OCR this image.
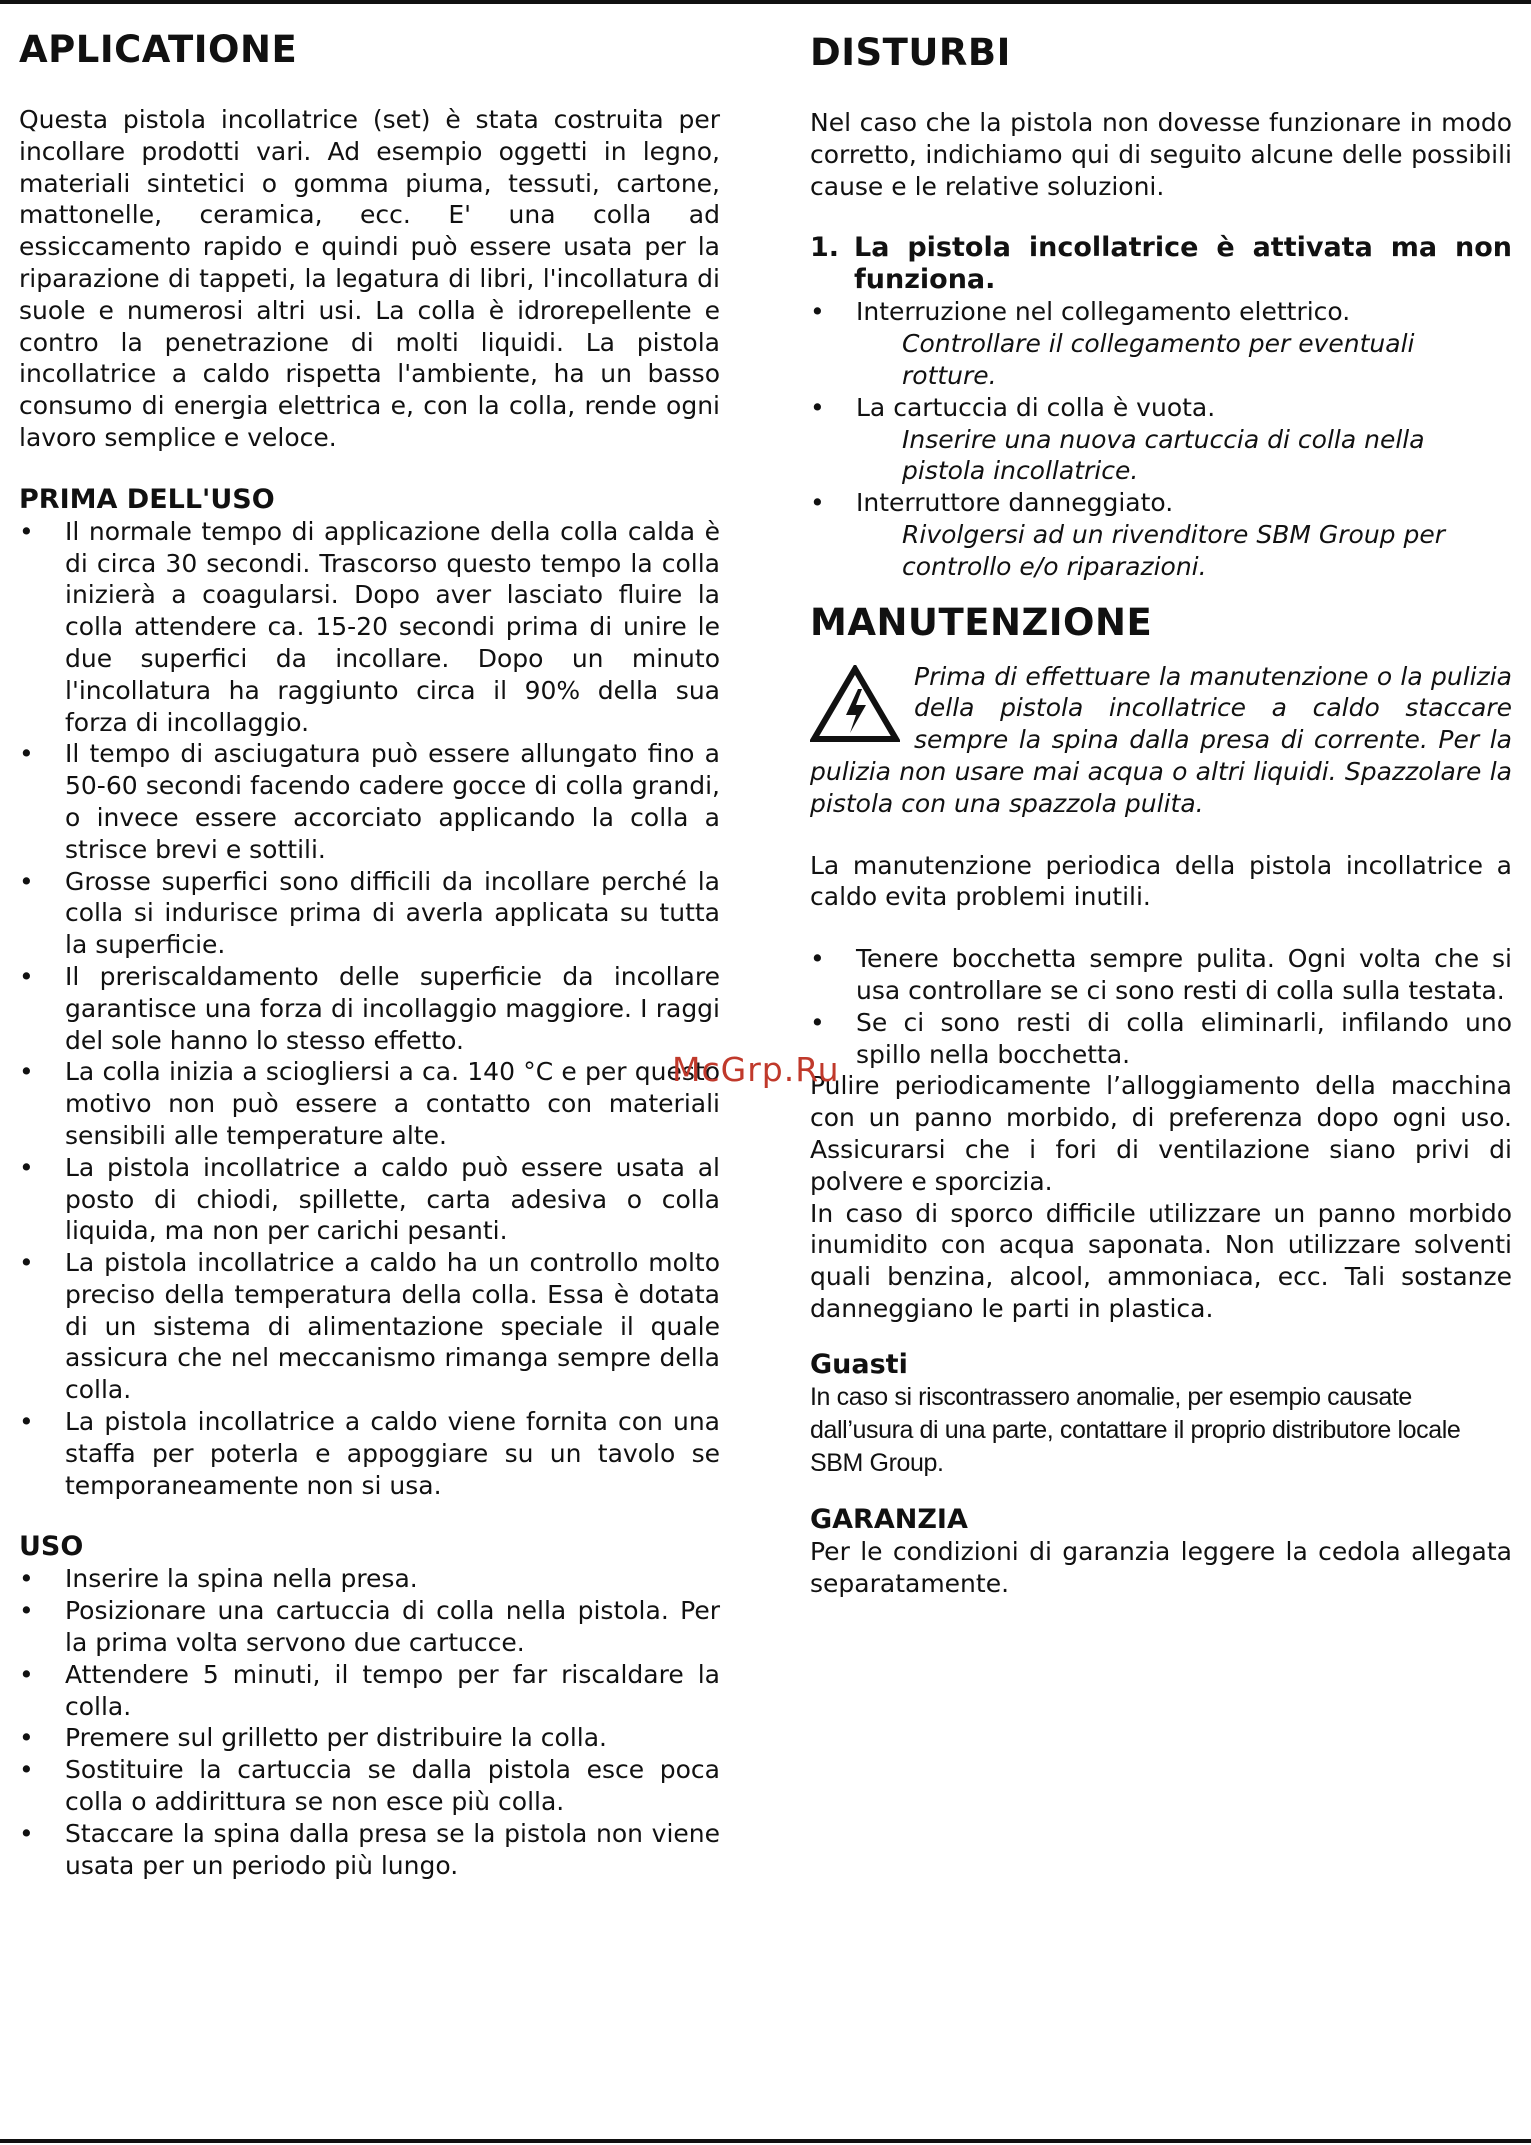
APLICATIONE

Questa pistola incollatrice (set) è stata costruita per incollare prodotti vari. Ad esempio oggetti in legno, materiali sintetici o gomma piuma, tessuti, cartone, mattonelle, ceramica, ecc. E' una colla ad essiccamento rapido e quindi può essere usata per la riparazione di tappeti, la legatura di libri, l'incollatura di suole e numerosi altri usi. La colla è idrorepellente e contro la penetrazione di molti liquidi. La pistola incollatrice a caldo rispetta l'ambiente, ha un basso consumo di energia elettrica e, con la colla, rende ogni lavoro semplice e veloce.

PRIMA DELL'USO
• Il normale tempo di applicazione della colla calda è di circa 30 secondi. Trascorso questo tempo la colla inizierà a coagularsi. Dopo aver lasciato fluire la colla attendere ca. 15-20 secondi prima di unire le due superfici da incollare. Dopo un minuto l'incollatura ha raggiunto circa il 90% della sua forza di incollaggio.
• Il tempo di asciugatura può essere allungato fino a 50-60 secondi facendo cadere gocce di colla grandi, o invece essere accorciato applicando la colla a strisce brevi e sottili.
• Grosse superfici sono difficili da incollare perché la colla si indurisce prima di averla applicata su tutta la superficie.
• Il preriscaldamento delle superficie da incollare garantisce una forza di incollaggio maggiore. I raggi del sole hanno lo stesso effetto.
• La colla inizia a sciogliersi a ca. 140 °C e per questo motivo non può essere a contatto con materiali sensibili alle temperature alte.
• La pistola incollatrice a caldo può essere usata al posto di chiodi, spillette, carta adesiva o colla liquida, ma non per carichi pesanti.
• La pistola incollatrice a caldo ha un controllo molto preciso della temperatura della colla. Essa è dotata di un sistema di alimentazione speciale il quale assicura che nel meccanismo rimanga sempre della colla.
• La pistola incollatrice a caldo viene fornita con una staffa per poterla e appoggiare su un tavolo se temporaneamente non si usa.
USO
• Inserire la spina nella presa.
• Posizionare una cartuccia di colla nella pistola. Per la prima volta servono due cartucce.
• Attendere 5 minuti, il tempo per far riscaldare la colla.
• Premere sul grilletto per distribuire la colla.
• Sostituire la cartuccia se dalla pistola esce poca colla o addirittura se non esce più colla.
• Staccare la spina dalla presa se la pistola non viene usata per un periodo più lungo.
DISTURBI

Nel caso che la pistola non dovesse funzionare in modo corretto, indichiamo qui di seguito alcune delle possibili cause e le relative soluzioni.

1. La pistola incollatrice è attivata ma non funziona.
• Interruzione nel collegamento elettrico.
Controllare il collegamento per eventuali rotture.
• La cartuccia di colla è vuota.
Inserire una nuova cartuccia di colla nella pistola incollatrice.
• Interruttore danneggiato.
Rivolgersi ad un rivenditore SBM Group per controllo e/o riparazioni.
MANUTENZIONE

Prima di effettuare la manutenzione o la pulizia della pistola incollatrice a caldo staccare sempre la spina dalla presa di corrente. Per la pulizia non usare mai acqua o altri liquidi. Spazzolare la pistola con una spazzola pulita.

La manutenzione periodica della pistola incollatrice a caldo evita problemi inutili.

• Tenere bocchetta sempre pulita. Ogni volta che si usa controllare se ci sono resti di colla sulla testata.
• Se ci sono resti di colla eliminarli, infilando uno spillo nella bocchetta.

Pulire periodicamente l’alloggiamento della macchina con un panno morbido, di preferenza dopo ogni uso. Assicurarsi che i fori di ventilazione siano privi di polvere e sporcizia.

In caso di sporco difficile utilizzare un panno morbido inumidito con acqua saponata. Non utilizzare solventi quali benzina, alcool, ammoniaca, ecc. Tali sostanze danneggiano le parti in plastica.

Guasti
In caso si riscontrassero anomalie, per esempio causate dall’usura di una parte, contattare il proprio distributore locale SBM Group.
GARANZIA

Per le condizioni di garanzia leggere la cedola allegata separatamente.

McGrp.Ru
